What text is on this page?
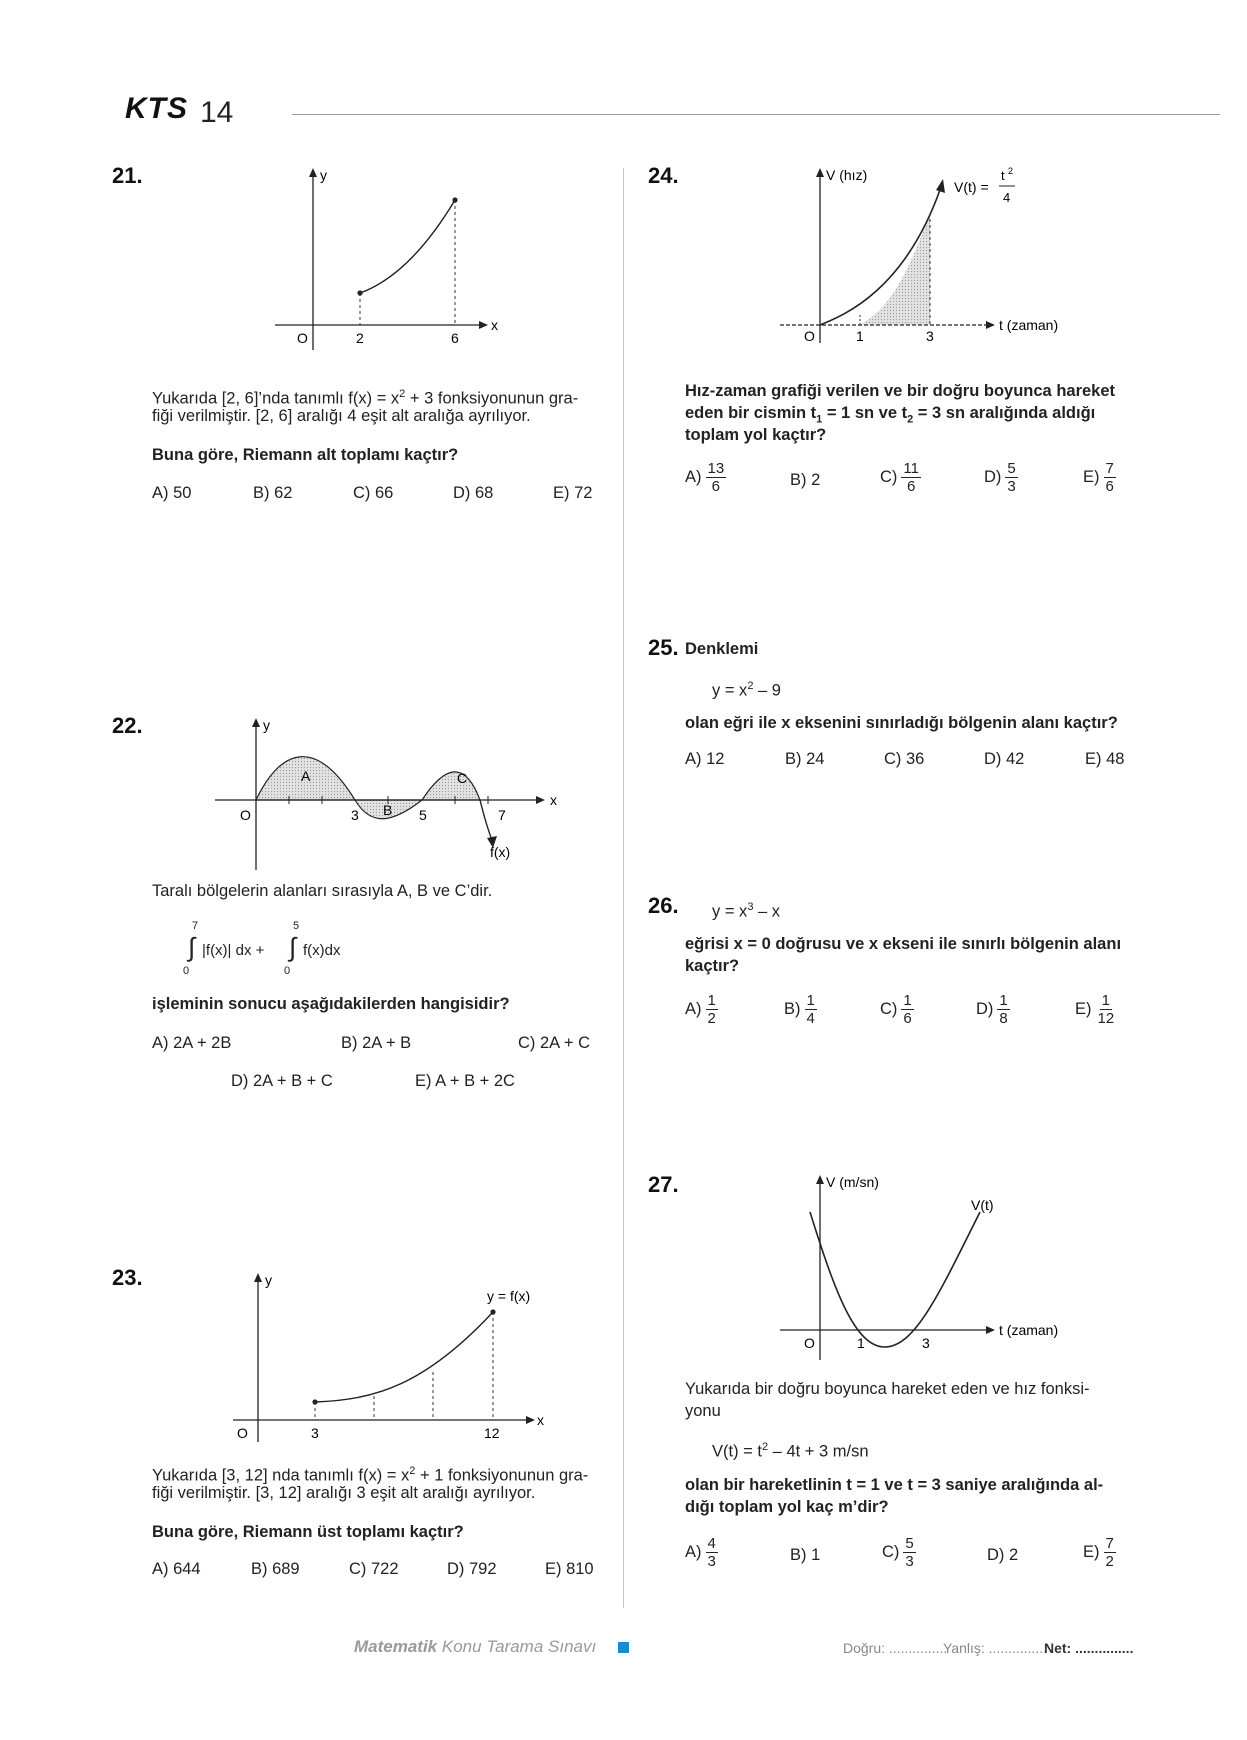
KTS 14
21.	y
x
O	2	6
Yukarıda [2, 6]’nda tanımlı $f(x) = x^2 + 3$ fonksiyonunun gra-
fiği verilmiştir. [2, 6] aralığı 4 eşit alt aralığa ayrılıyor.
Buna göre, Riemann alt toplamı kaçtır?
A) 50	B) 62	C) 66	D) 68	E) 72
22.	y
x
O	3	5	7
A
B
C
f(x)
Taralı bölgelerin alanları sırasıyla A, B ve C’dir.
7
∫
0
|f(x)| dx +
5
∫
0
f(x)dx
işleminin sonucu aşağıdakilerden hangisidir?
A) 2A + 2B	B) 2A + B	C) 2A + C
D) 2A + B + C	E) A + B + 2C
23.	y
x
O	3	12
y = f(x)
Yukarıda [3, 12] nda tanımlı $f(x) = x^2 + 1$ fonksiyonunun gra-
fiği verilmiştir. [3, 12] aralığı 3 eşit alt aralığı ayrılıyor.
Buna göre, Riemann üst toplamı kaçtır?
A) 644	B) 689	C) 722	D) 792	E) 810
24.	V (hız)
t (zaman)
O	1	3
V(t) =
t 2
4
Hız-zaman grafiği verilen ve bir doğru boyunca hareket
eden bir cismin $t_1 = 1$ sn ve $t_2 = 3$ sn aralığında aldığı
toplam yol kaçtır?
$A) \frac{13}{6}$	B) 2	$C) \frac{11}{6}$	$D) \frac{5}{3}$	$E) \frac{7}{6}$
25. Denklemi
$y = x^2 - 9$
olan eğri ile x eksenini sınırladığı bölgenin alanı kaçtır?
A) 12	B) 24	C) 36	D) 42	E) 48
26. $y = x^3 - x$
eğrisi x = 0 doğrusu ve x ekseni ile sınırlı bölgenin alanı
kaçtır?
$A) \frac{1}{2}$	$B) \frac{1}{4}$	$C) \frac{1}{6}$	$D) \frac{1}{8}$	$E) \frac{1}{12}$
27.	V (m/sn)
t (zaman)
O	1	3
V(t)
Yukarıda bir doğru boyunca hareket eden ve hız fonksi-
yonu
$V(t) = t^2 - 4t + 3$ m/sn
olan bir hareketlinin t = 1 ve t = 3 saniye aralığında al-
dığı toplam yol kaç m’dir?
$A) \frac{4}{3}$	B) 1	$C) \frac{5}{3}$	D) 2	$E) \frac{7}{2}$
Matematik Konu Tarama Sınavı	Doğru: ...............
Yanlış: ...............
Net: ...............
